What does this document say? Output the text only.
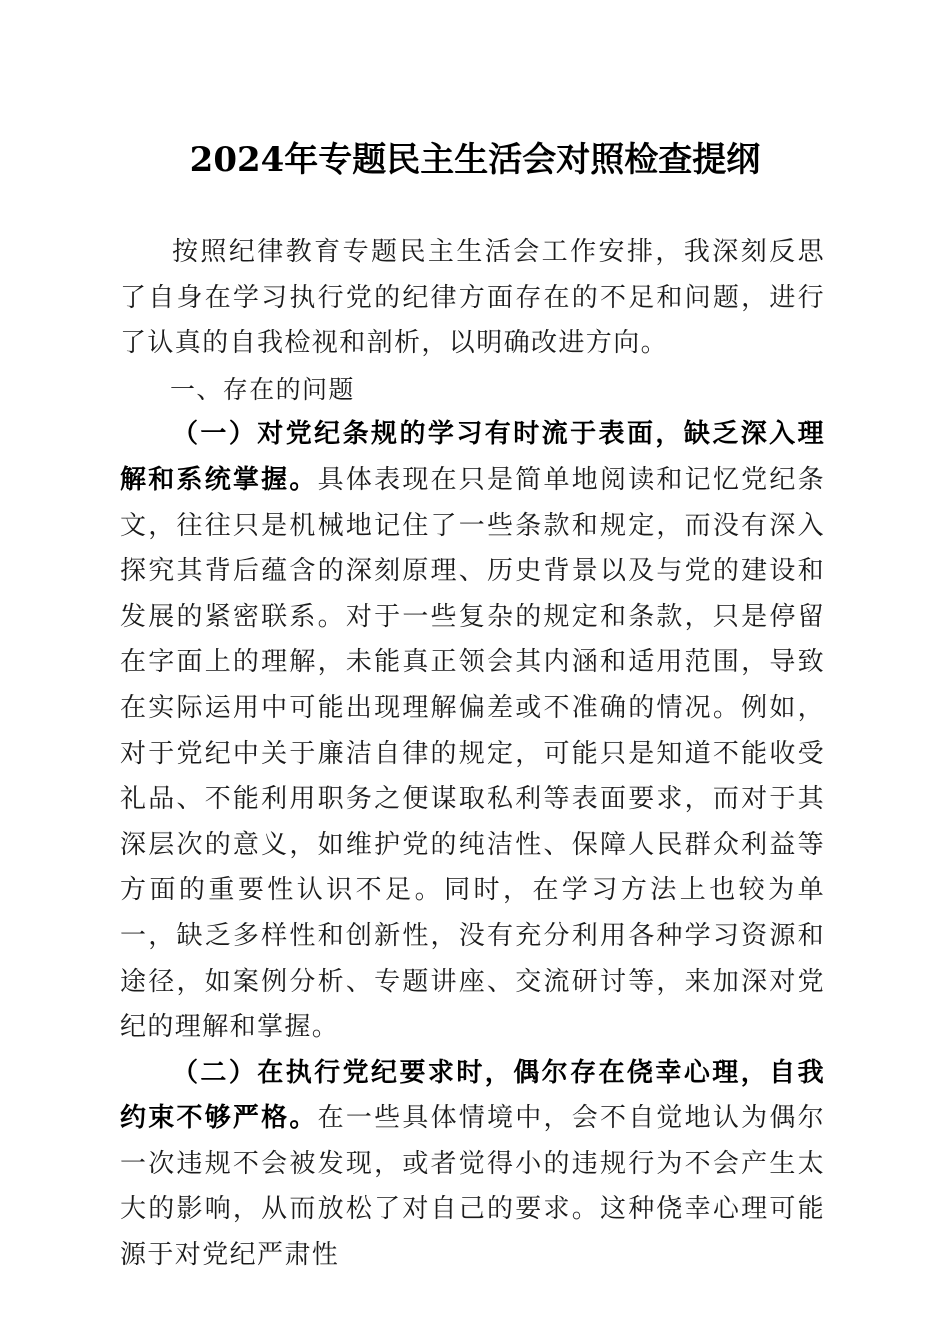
2024年专题民主生活会对照检查提纲

按照纪律教育专题民主生活会工作安排，我深刻反思了自身在学习执行党的纪律方面存在的不足和问题，进行了认真的自我检视和剖析，以明确改进方向。

一、存在的问题

（一）对党纪条规的学习有时流于表面，缺乏深入理解和系统掌握。具体表现在只是简单地阅读和记忆党纪条文，往往只是机械地记住了一些条款和规定，而没有深入探究其背后蕴含的深刻原理、历史背景以及与党的建设和发展的紧密联系。对于一些复杂的规定和条款，只是停留在字面上的理解，未能真正领会其内涵和适用范围，导致在实际运用中可能出现理解偏差或不准确的情况。例如，对于党纪中关于廉洁自律的规定，可能只是知道不能收受礼品、不能利用职务之便谋取私利等表面要求，而对于其深层次的意义，如维护党的纯洁性、保障人民群众利益等方面的重要性认识不足。同时，在学习方法上也较为单一，缺乏多样性和创新性，没有充分利用各种学习资源和途径，如案例分析、专题讲座、交流研讨等，来加深对党纪的理解和掌握。

（二）在执行党纪要求时，偶尔存在侥幸心理，自我约束不够严格。在一些具体情境中，会不自觉地认为偶尔一次违规不会被发现，或者觉得小的违规行为不会产生太大的影响，从而放松了对自己的要求。这种侥幸心理可能源于对党纪严肃性
